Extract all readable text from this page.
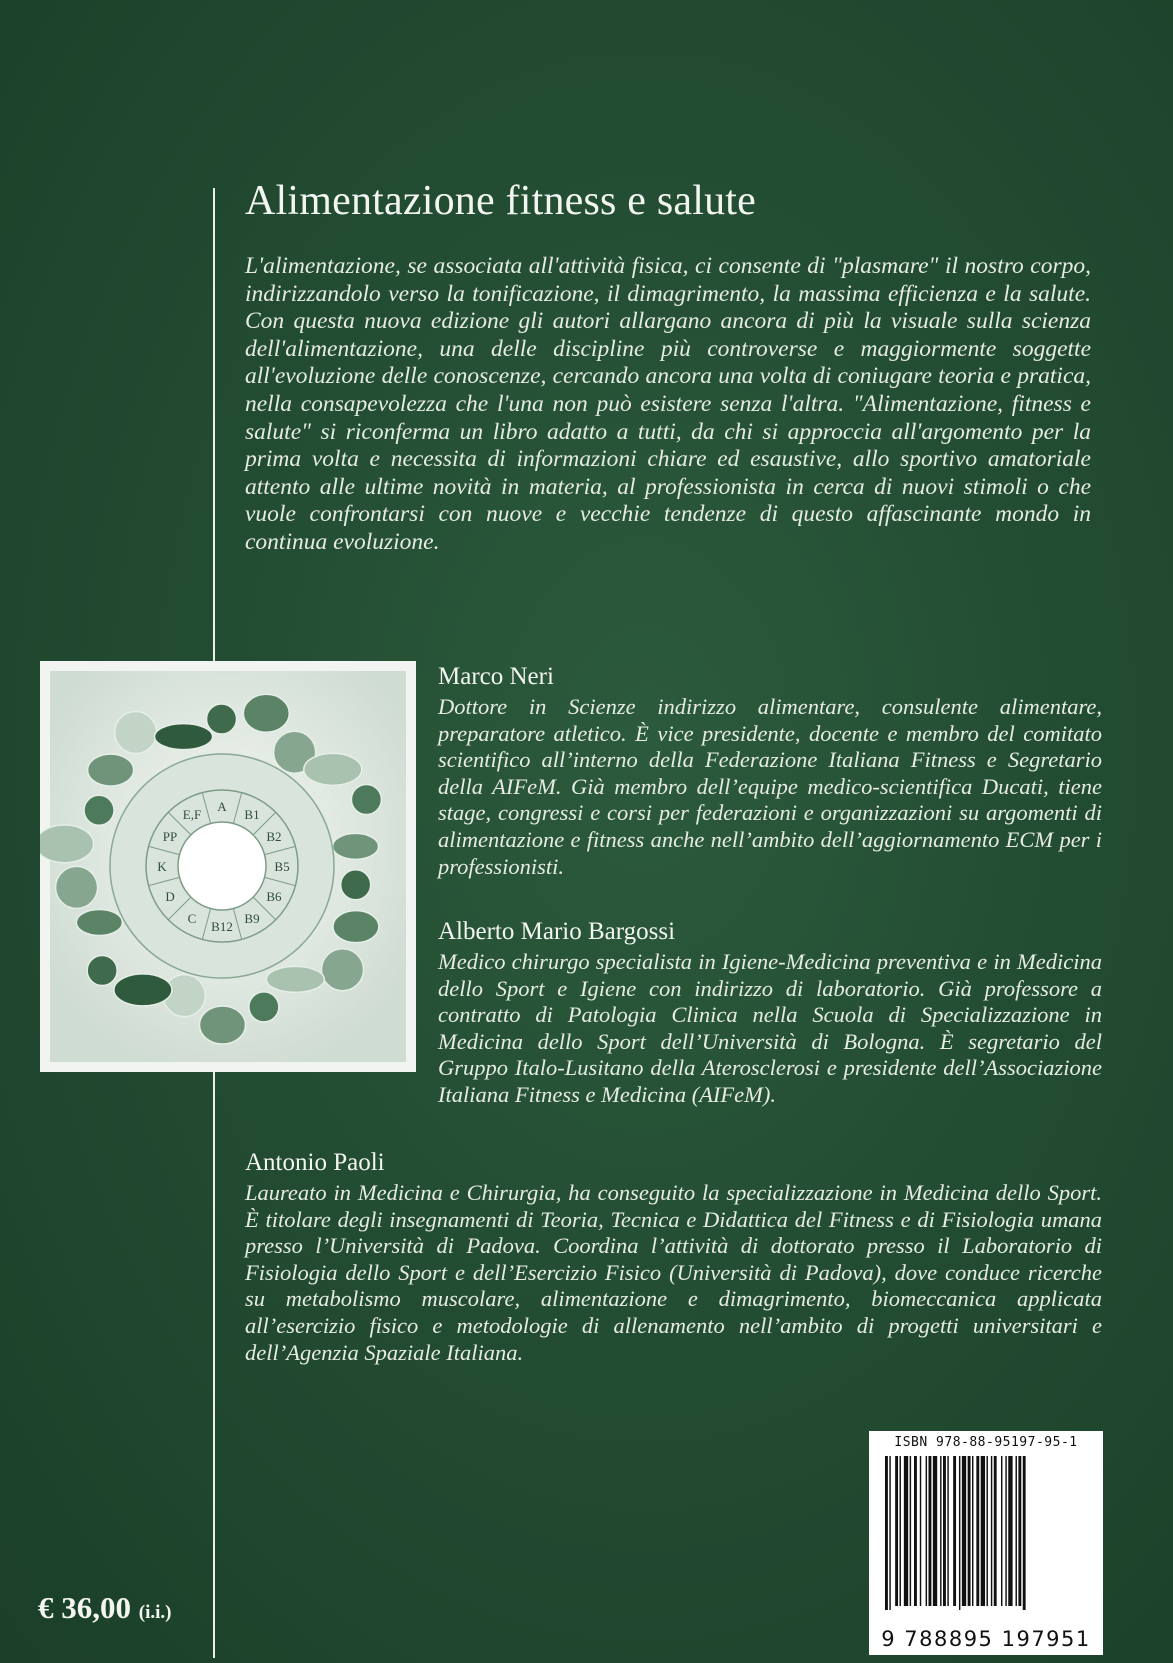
Alimentazione fitness e salute

L'alimentazione, se associata all'attività fisica, ci consente di "plasmare" il nostro corpo, indirizzandolo verso la tonificazione, il dimagrimento, la massima efficienza e la salute. Con questa nuova edizione gli autori allargano ancora di più la visuale sulla scienza dell'alimentazione, una delle discipline più controverse e maggiormente soggette all'evoluzione delle conoscenze, cercando ancora una volta di coniugare teoria e pratica, nella consapevolezza che l'una non può esistere senza l'altra. "Alimentazione, fitness e salute" si riconferma un libro adatto a tutti, da chi si approccia all'argomento per la prima volta e necessita di informazioni chiare ed esaustive, allo sportivo amatoriale attento alle ultime novità in materia, al professionista in cerca di nuovi stimoli o che vuole confrontarsi con nuove e vecchie tendenze di questo affascinante mondo in continua evoluzione.

A
B1
B2
B5
B6
B9
B12
C
D
K
PP
E,F

Marco Neri

Dottore in Scienze indirizzo alimentare, consulente alimentare, preparatore atletico. È vice presidente, docente e membro del comitato scientifico all’interno della Federazione Italiana Fitness e Segretario della AIFeM. Già membro dell’equipe medico-scientifica Ducati, tiene stage, congressi e corsi per federazioni e organizzazioni su argomenti di alimentazione e fitness anche nell’ambito dell’aggiornamento ECM per i professionisti.

Alberto Mario Bargossi

Medico chirurgo specialista in Igiene-Medicina preventiva e in Medicina dello Sport e Igiene con indirizzo di laboratorio. Già professore a contratto di Patologia Clinica nella Scuola di Specializzazione in Medicina dello Sport dell’Università di Bologna. È segretario del Gruppo Italo-Lusitano della Aterosclerosi e presidente dell’Associazione Italiana Fitness e Medicina (AIFeM).

Antonio Paoli

Laureato in Medicina e Chirurgia, ha conseguito la specializzazione in Medicina dello Sport. È titolare degli insegnamenti di Teoria, Tecnica e Didattica del Fitness e di Fisiologia umana presso l’Università di Padova. Coordina l’attività di dottorato presso il Laboratorio di Fisiologia dello Sport e dell’Esercizio Fisico (Università di Padova), dove conduce ricerche su metabolismo muscolare, alimentazione e dimagrimento, biomeccanica applicata all’esercizio fisico e metodologie di allenamento nell’ambito di progetti universitari e dell’Agenzia Spaziale Italiana.

ISBN 978-88-95197-95-1

9 788895 197951
€ 36,00 (i.i.)
